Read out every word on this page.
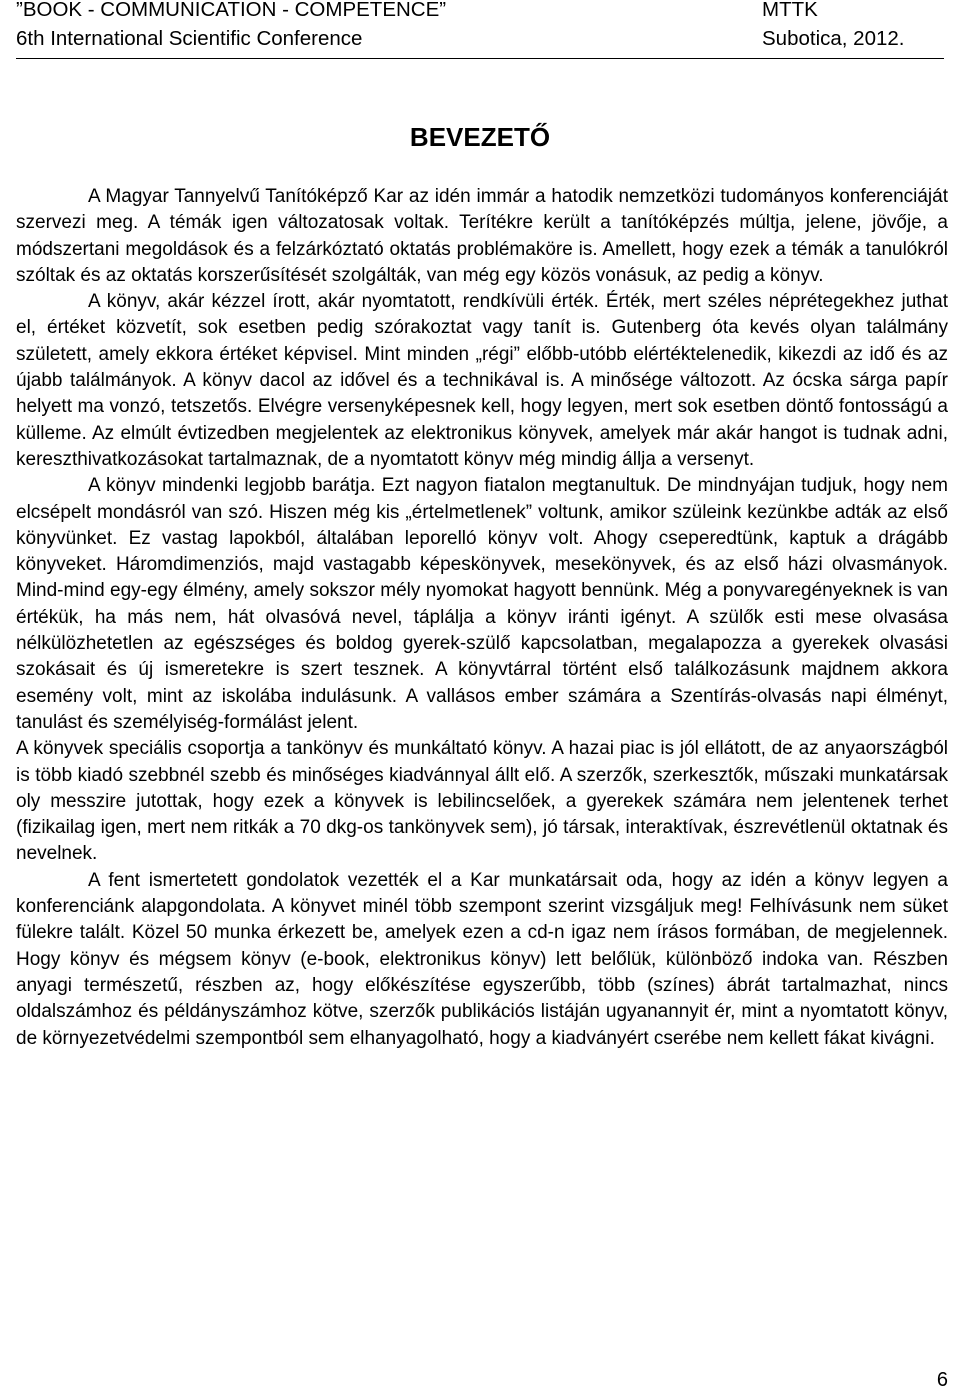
”BOOK - COMMUNICATION - COMPETENCE”	MTTK
6th International Scientific Conference	Subotica, 2012.
BEVEZETŐ

A Magyar Tannyelvű Tanítóképző Kar az idén immár a hatodik nemzetközi tudományos konferenciáját szervezi meg. A témák igen változatosak voltak. Terítékre került a tanítóképzés múltja, jelene, jövője, a módszertani megoldások és a felzárkóztató oktatás problémaköre is. Amellett, hogy ezek a témák a tanulókról szóltak és az oktatás korszerűsítését szolgálták, van még egy közös vonásuk, az pedig a könyv.

A könyv, akár kézzel írott, akár nyomtatott, rendkívüli érték. Érték, mert széles néprétegekhez juthat el, értéket közvetít, sok esetben pedig szórakoztat vagy tanít is. Gutenberg óta kevés olyan találmány született, amely ekkora értéket képvisel. Mint minden „régi” előbb-utóbb elértéktelenedik, kikezdi az idő és az újabb találmányok. A könyv dacol az idővel és a technikával is. A minősége változott. Az ócska sárga papír helyett ma vonzó, tetszetős. Elvégre versenyképesnek kell, hogy legyen, mert sok esetben döntő fontosságú a külleme. Az elmúlt évtizedben megjelentek az elektronikus könyvek, amelyek már akár hangot is tudnak adni, kereszthivatkozásokat tartalmaznak, de a nyomtatott könyv még mindig állja a versenyt.

A könyv mindenki legjobb barátja. Ezt nagyon fiatalon megtanultuk. De mindnyájan tudjuk, hogy nem elcsépelt mondásról van szó. Hiszen még kis „értelmetlenek” voltunk, amikor szüleink kezünkbe adták az első könyvünket. Ez vastag lapokból, általában leporelló könyv volt. Ahogy cseperedtünk, kaptuk a drágább könyveket. Háromdimenziós, majd vastagabb képeskönyvek, mesekönyvek, és az első házi olvasmányok. Mind-mind egy-egy élmény, amely sokszor mély nyomokat hagyott bennünk. Még a ponyvaregényeknek is van értékük, ha más nem, hát olvasóvá nevel, táplálja a könyv iránti igényt. A szülők esti mese olvasása nélkülözhetetlen az egészséges és boldog gyerek-szülő kapcsolatban, megalapozza a gyerekek olvasási szokásait és új ismeretekre is szert tesznek. A könyvtárral történt első találkozásunk majdnem akkora esemény volt, mint az iskolába indulásunk. A vallásos ember számára a Szentírás-olvasás napi élményt, tanulást és személyiség-formálást jelent.

A könyvek speciális csoportja a tankönyv és munkáltató könyv. A hazai piac is jól ellátott, de az anyaországból is több kiadó szebbnél szebb és minőséges kiadvánnyal állt elő. A szerzők, szerkesztők, műszaki munkatársak oly messzire jutottak, hogy ezek a könyvek is lebilincselőek, a gyerekek számára nem jelentenek terhet (fizikailag igen, mert nem ritkák a 70 dkg-os tankönyvek sem), jó társak, interaktívak, észrevétlenül oktatnak és nevelnek.

A fent ismertetett gondolatok vezették el a Kar munkatársait oda, hogy az idén a könyv legyen a konferenciánk alapgondolata. A könyvet minél több szempont szerint vizsgáljuk meg! Felhívásunk nem süket fülekre talált. Közel 50 munka érkezett be, amelyek ezen a cd-n igaz nem írásos formában, de megjelennek. Hogy könyv és mégsem könyv (e-book, elektronikus könyv) lett belőlük, különböző indoka van. Részben anyagi természetű, részben az, hogy előkészítése egyszerűbb, több (színes) ábrát tartalmazhat, nincs oldalszámhoz és példányszámhoz kötve, szerzők publikációs listáján ugyanannyit ér, mint a nyomtatott könyv, de környezetvédelmi szempontból sem elhanyagolható, hogy a kiadványért cserébe nem kellett fákat kivágni.

6
